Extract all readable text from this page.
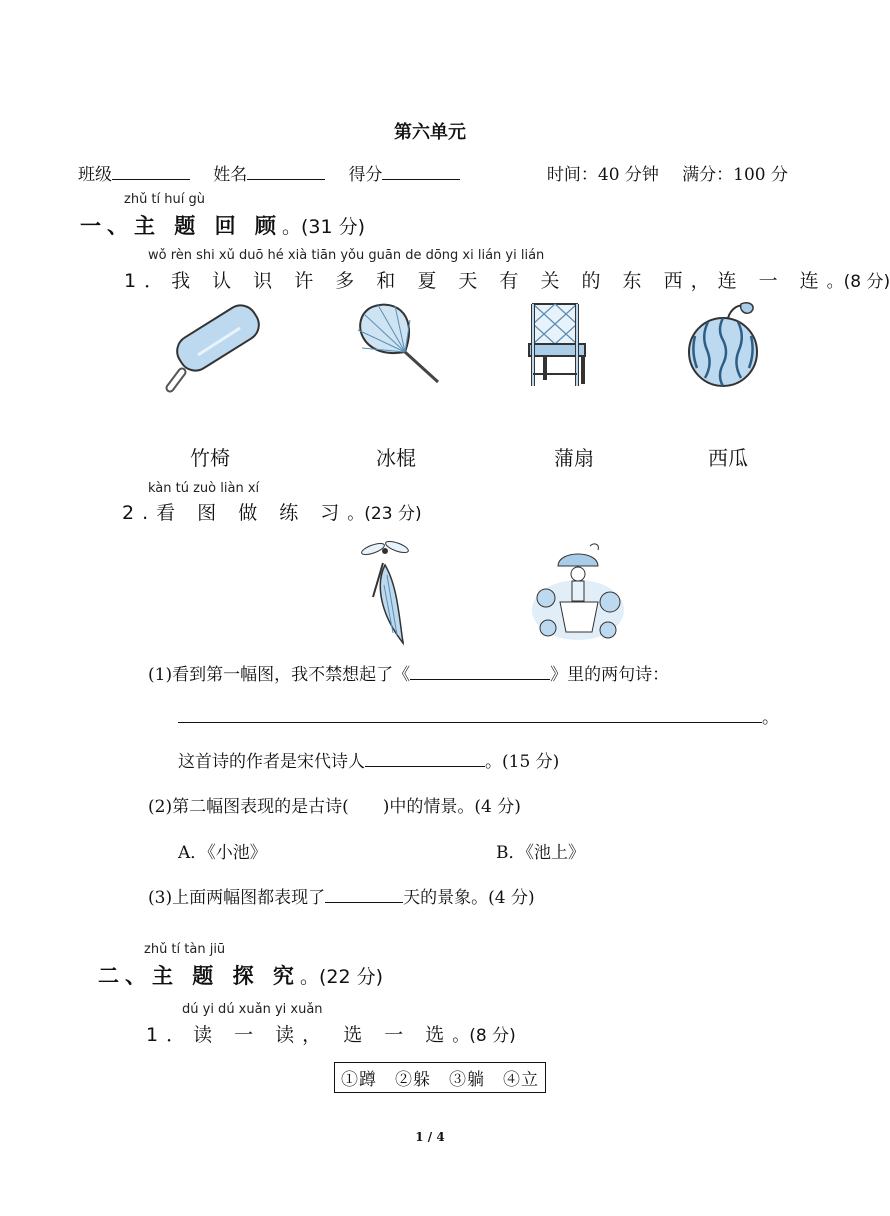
第六单元
班级	姓名	得分	时间：40 分钟 满分：100 分
zhǔ tí huí gù
一、主 题 回 顾。(31 分)
wǒ rèn shi xǔ duō hé xià tiān yǒu guān de dōng xi lián yi lián
1．我 认 识 许 多 和 夏 天 有 关 的 东 西，连 一 连。(8 分)
竹椅	冰棍	蒲扇	西瓜
kàn tú zuò liàn xí
2.看 图 做 练 习。(23 分)
(1)看到第一幅图，我不禁想起了《	》里的两句诗：
。
这首诗的作者是宋代诗人	。(15 分)
(2)第二幅图表现的是古诗(　　)中的情景。(4 分)
A．《小池》	B．《池上》
(3)上面两幅图都表现了	天的景象。(4 分)
zhǔ tí tàn jiū
二、主 题 探 究。(22 分)
dú yi dú xuǎn yi xuǎn
1．读 一 读， 选 一 选。(8 分)
①蹲　②躲　③躺　④立
1 / 4
